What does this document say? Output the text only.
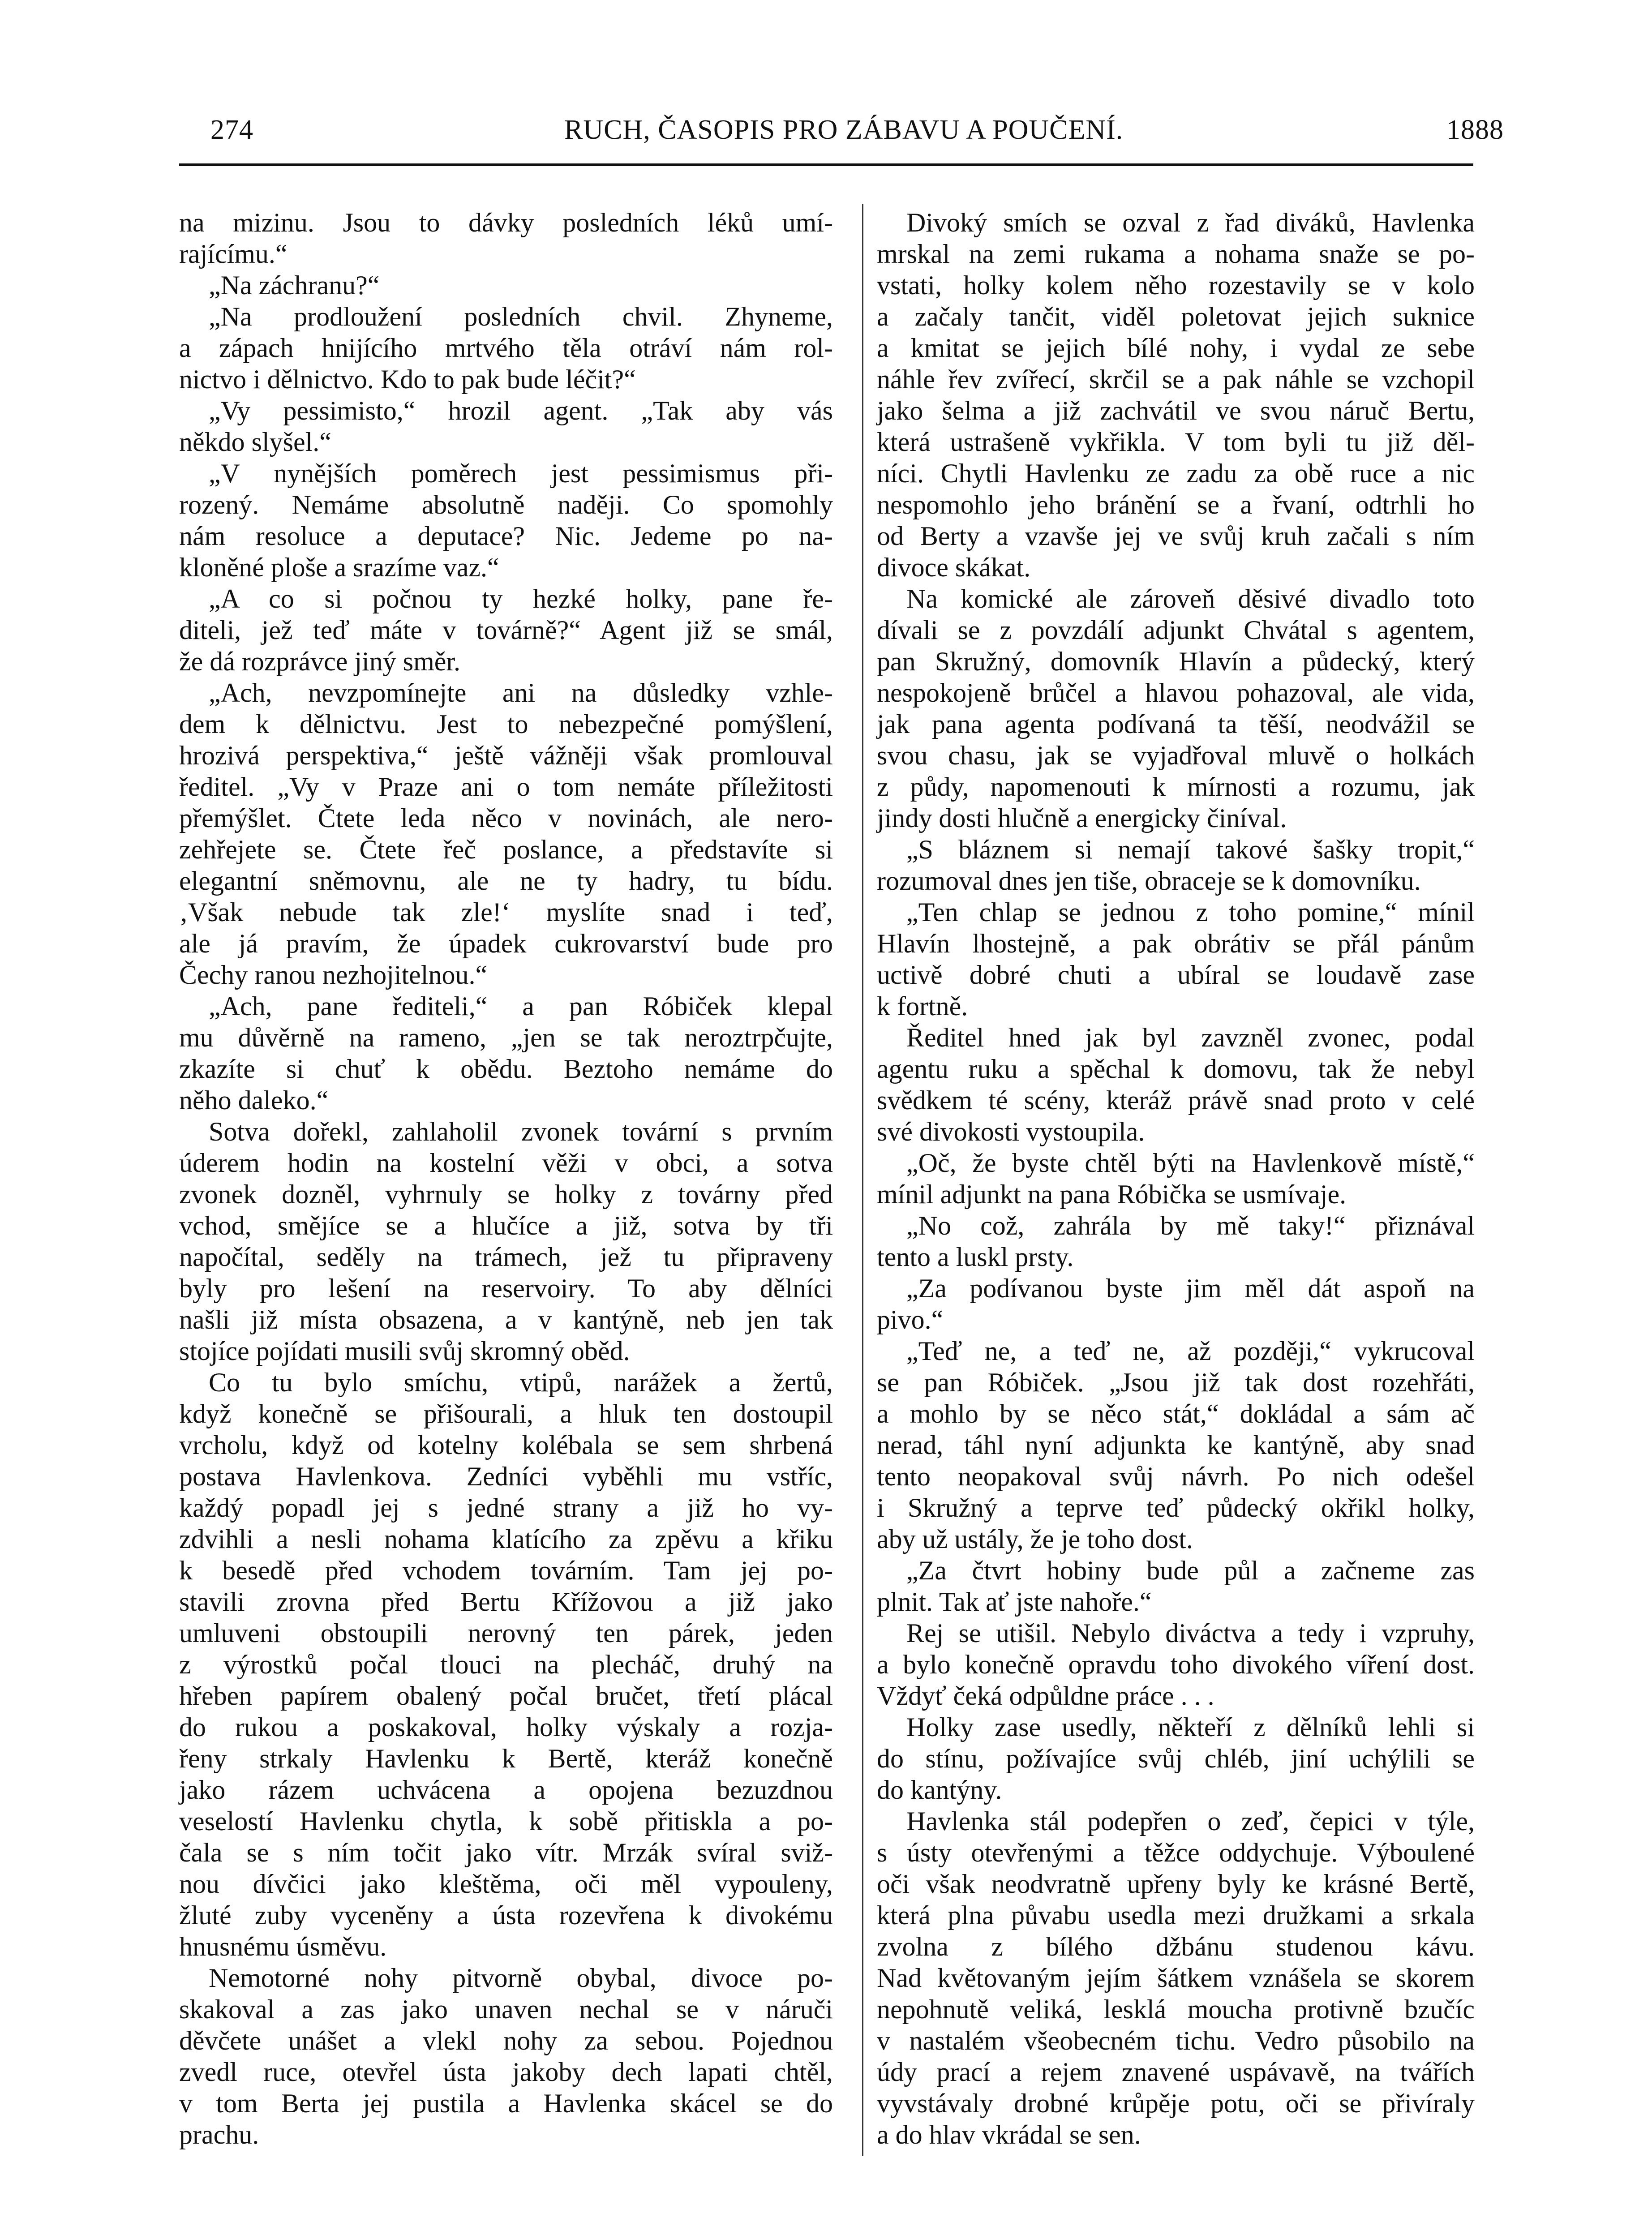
274	RUCH, ČASOPIS PRO ZÁBAVU A POUČENÍ.	1888
na mizinu. Jsou to dávky posledních léků umí-
rajícímu.“
„Na záchranu?“
„Na prodloužení posledních chvil. Zhyneme,
a zápach hnijícího mrtvého těla otráví nám rol-
nictvo i dělnictvo. Kdo to pak bude léčit?“
„Vy pessimisto,“ hrozil agent. „Tak aby vás
někdo slyšel.“
„V nynějších poměrech jest pessimismus při-
rozený. Nemáme absolutně naději. Co spomohly
nám resoluce a deputace? Nic. Jedeme po na-
kloněné ploše a srazíme vaz.“
„A co si počnou ty hezké holky, pane ře-
diteli, jež teď máte v továrně?“ Agent již se smál,
že dá rozprávce jiný směr.
„Ach, nevzpomínejte ani na důsledky vzhle-
dem k dělnictvu. Jest to nebezpečné pomýšlení,
hrozivá perspektiva,“ ještě vážněji však promlouval
ředitel. „Vy v Praze ani o tom nemáte příležitosti
přemýšlet. Čtete leda něco v novinách, ale nero-
zehřejete se. Čtete řeč poslance, a představíte si
elegantní sněmovnu, ale ne ty hadry, tu bídu.
‚Však nebude tak zle!‘ myslíte snad i teď,
ale já pravím, že úpadek cukrovarství bude pro
Čechy ranou nezhojitelnou.“
„Ach, pane řediteli,“ a pan Róbiček klepal
mu důvěrně na rameno, „jen se tak neroztrpčujte,
zkazíte si chuť k obědu. Beztoho nemáme do
něho daleko.“
Sotva dořekl, zahlaholil zvonek tovární s prvním
úderem hodin na kostelní věži v obci, a sotva
zvonek dozněl, vyhrnuly se holky z továrny před
vchod, smějíce se a hlučíce a již, sotva by tři
napočítal, seděly na trámech, jež tu připraveny
byly pro lešení na reservoiry. To aby dělníci
našli již místa obsazena, a v kantýně, neb jen tak
stojíce pojídati musili svůj skromný oběd.
Co tu bylo smíchu, vtipů, narážek a žertů,
když konečně se přišourali, a hluk ten dostoupil
vrcholu, když od kotelny kolébala se sem shrbená
postava Havlenkova. Zedníci vyběhli mu vstříc,
každý popadl jej s jedné strany a již ho vy-
zdvihli a nesli nohama klatícího za zpěvu a křiku
k besedě před vchodem továrním. Tam jej po-
stavili zrovna před Bertu Křížovou a již jako
umluveni obstoupili nerovný ten párek, jeden
z výrostků počal tlouci na plecháč, druhý na
hřeben papírem obalený počal bručet, třetí plácal
do rukou a poskakoval, holky výskaly a rozja-
řeny strkaly Havlenku k Bertě, kteráž konečně
jako rázem uchvácena a opojena bezuzdnou
veselostí Havlenku chytla, k sobě přitiskla a po-
čala se s ním točit jako vítr. Mrzák svíral sviž-
nou dívčici jako kleštěma, oči měl vypouleny,
žluté zuby vyceněny a ústa rozevřena k divokému
hnusnému úsměvu.
Nemotorné nohy pitvorně obybal, divoce po-
skakoval a zas jako unaven nechal se v náruči
děvčete unášet a vlekl nohy za sebou. Pojednou
zvedl ruce, otevřel ústa jakoby dech lapati chtěl,
v tom Berta jej pustila a Havlenka skácel se do
prachu.
Divoký smích se ozval z řad diváků, Havlenka
mrskal na zemi rukama a nohama snaže se po-
vstati, holky kolem něho rozestavily se v kolo
a začaly tančit, viděl poletovat jejich suknice
a kmitat se jejich bílé nohy, i vydal ze sebe
náhle řev zvířecí, skrčil se a pak náhle se vzchopil
jako šelma a již zachvátil ve svou náruč Bertu,
která ustrašeně vykřikla. V tom byli tu již děl-
níci. Chytli Havlenku ze zadu za obě ruce a nic
nespomohlo jeho bránění se a řvaní, odtrhli ho
od Berty a vzavše jej ve svůj kruh začali s ním
divoce skákat.
Na komické ale zároveň děsivé divadlo toto
dívali se z povzdálí adjunkt Chvátal s agentem,
pan Skružný, domovník Hlavín a půdecký, který
nespokojeně brůčel a hlavou pohazoval, ale vida,
jak pana agenta podívaná ta těší, neodvážil se
svou chasu, jak se vyjadřoval mluvě o holkách
z půdy, napomenouti k mírnosti a rozumu, jak
jindy dosti hlučně a energicky činíval.
„S bláznem si nemají takové šašky tropit,“
rozumoval dnes jen tiše, obraceje se k domovníku.
„Ten chlap se jednou z toho pomine,“ mínil
Hlavín lhostejně, a pak obrátiv se přál pánům
uctivě dobré chuti a ubíral se loudavě zase
k fortně.
Ředitel hned jak byl zavzněl zvonec, podal
agentu ruku a spěchal k domovu, tak že nebyl
svědkem té scény, kteráž právě snad proto v celé
své divokosti vystoupila.
„Oč, že byste chtěl býti na Havlenkově místě,“
mínil adjunkt na pana Róbička se usmívaje.
„No což, zahrála by mě taky!“ přiznával
tento a luskl prsty.
„Za podívanou byste jim měl dát aspoň na
pivo.“
„Teď ne, a teď ne, až později,“ vykrucoval
se pan Róbiček. „Jsou již tak dost rozehřáti,
a mohlo by se něco stát,“ dokládal a sám ač
nerad, táhl nyní adjunkta ke kantýně, aby snad
tento neopakoval svůj návrh. Po nich odešel
i Skružný a teprve teď půdecký okřikl holky,
aby už ustály, že je toho dost.
„Za čtvrt hobiny bude půl a začneme zas
plnit. Tak ať jste nahoře.“
Rej se utišil. Nebylo diváctva a tedy i vzpruhy,
a bylo konečně opravdu toho divokého víření dost.
Vždyť čeká odpůldne práce . . .
Holky zase usedly, někteří z dělníků lehli si
do stínu, požívajíce svůj chléb, jiní uchýlili se
do kantýny.
Havlenka stál podepřen o zeď, čepici v týle,
s ústy otevřenými a těžce oddychuje. Výboulené
oči však neodvratně upřeny byly ke krásné Bertě,
která plna půvabu usedla mezi družkami a srkala
zvolna z bílého džbánu studenou kávu.
Nad květovaným jejím šátkem vznášela se skorem
nepohnutě veliká, lesklá moucha protivně bzučíc
v nastalém všeobecném tichu. Vedro působilo na
údy prací a rejem znavené uspávavě, na tvářích
vyvstávaly drobné krůpěje potu, oči se přivíraly
a do hlav vkrádal se sen.
